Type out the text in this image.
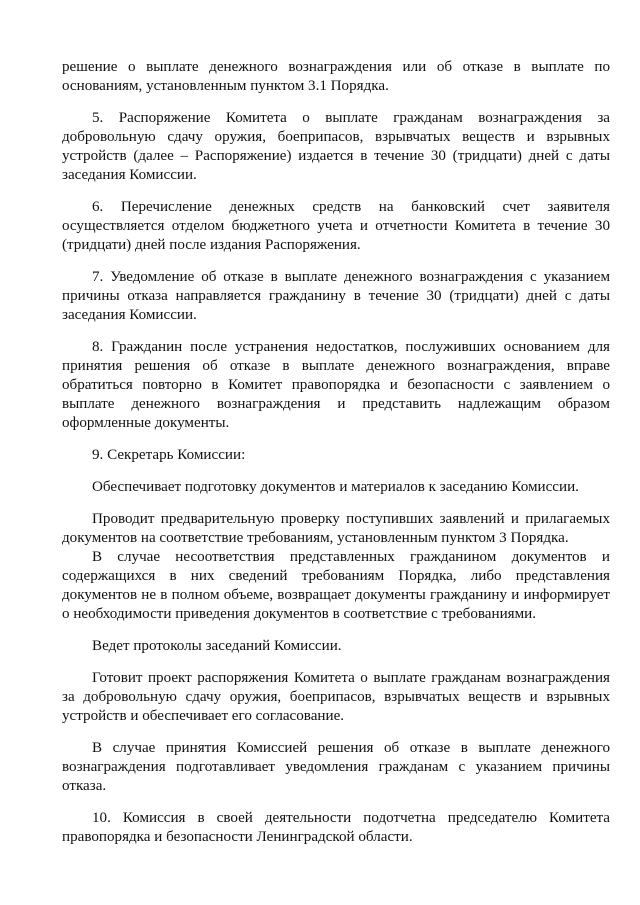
решение о выплате денежного вознаграждения или об отказе в выплате по основаниям, установленным пунктом 3.1 Порядка.

5. Распоряжение Комитета о выплате гражданам вознаграждения за добровольную сдачу оружия, боеприпасов, взрывчатых веществ и взрывных устройств (далее – Распоряжение) издается в течение 30 (тридцати) дней с даты заседания Комиссии.

6. Перечисление денежных средств на банковский счет заявителя осуществляется отделом бюджетного учета и отчетности Комитета в течение 30 (тридцати) дней после издания Распоряжения.

7. Уведомление об отказе в выплате денежного вознаграждения с указанием причины отказа направляется гражданину в течение 30 (тридцати) дней с даты заседания Комиссии.

8. Гражданин после устранения недостатков, послуживших основанием для принятия решения об отказе в выплате денежного вознаграждения, вправе обратиться повторно в Комитет правопорядка и безопасности с заявлением о выплате денежного вознаграждения и представить надлежащим образом оформленные документы.

9. Секретарь Комиссии:

Обеспечивает подготовку документов и материалов к заседанию Комиссии.

Проводит предварительную проверку поступивших заявлений и прилагаемых документов на соответствие требованиям, установленным пунктом 3 Порядка.

В случае несоответствия представленных гражданином документов и содержащихся в них сведений требованиям Порядка, либо представления документов не в полном объеме, возвращает документы гражданину и информирует о необходимости приведения документов в соответствие с требованиями.

Ведет протоколы заседаний Комиссии.

Готовит проект распоряжения Комитета о выплате гражданам вознаграждения за добровольную сдачу оружия, боеприпасов, взрывчатых веществ и взрывных устройств и обеспечивает его согласование.

В случае принятия Комиссией решения об отказе в выплате денежного вознаграждения подготавливает уведомления гражданам с указанием причины отказа.

10. Комиссия в своей деятельности подотчетна председателю Комитета правопорядка и безопасности Ленинградской области.
